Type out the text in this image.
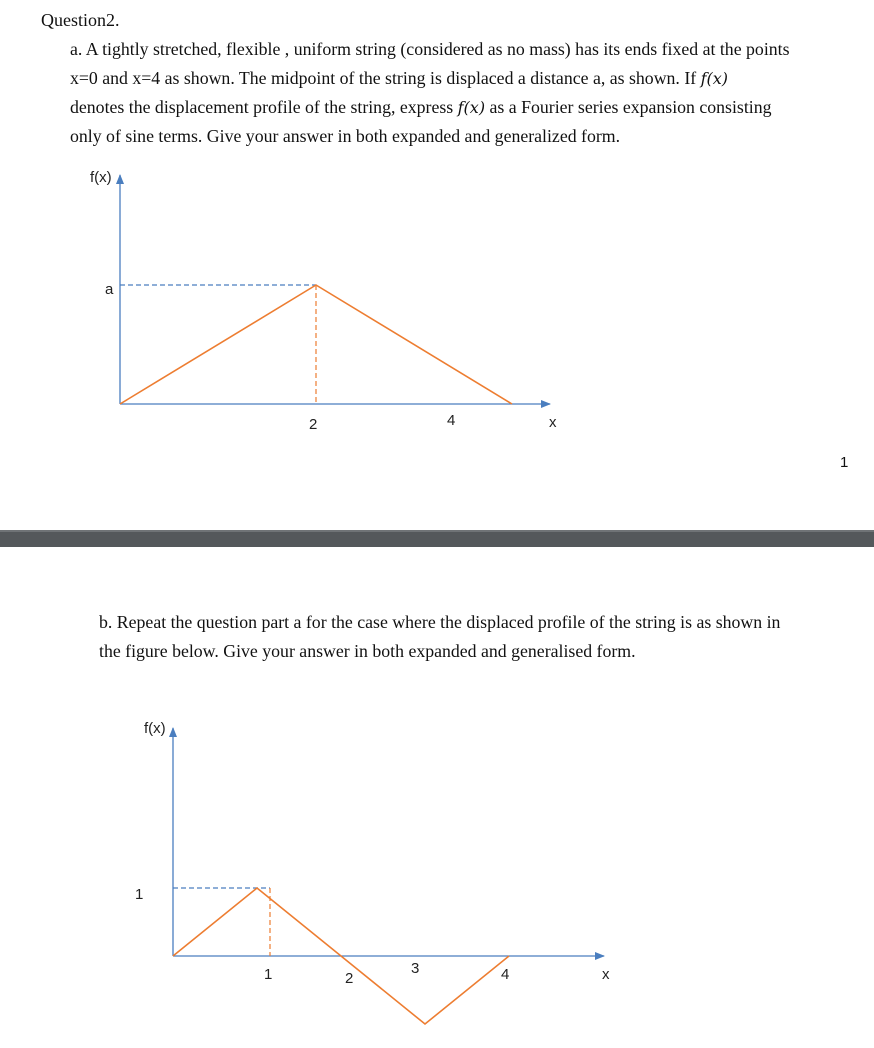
Question2.
a. A tightly stretched, flexible , uniform string (considered as no mass) has its ends fixed at the points
x=0 and x=4 as shown. The midpoint of the string is displaced a distance a, as shown. If f(x)
denotes the displacement profile of the string, express f(x) as a Fourier series expansion consisting
only of sine terms. Give your answer in both expanded and generalized form.
f(x)
a
2	4	x
1
b. Repeat the question part a for the case where the displaced profile of the string is as shown in
the figure below. Give your answer in both expanded and generalised form.
f(x)
1
1	2
3	4	x
